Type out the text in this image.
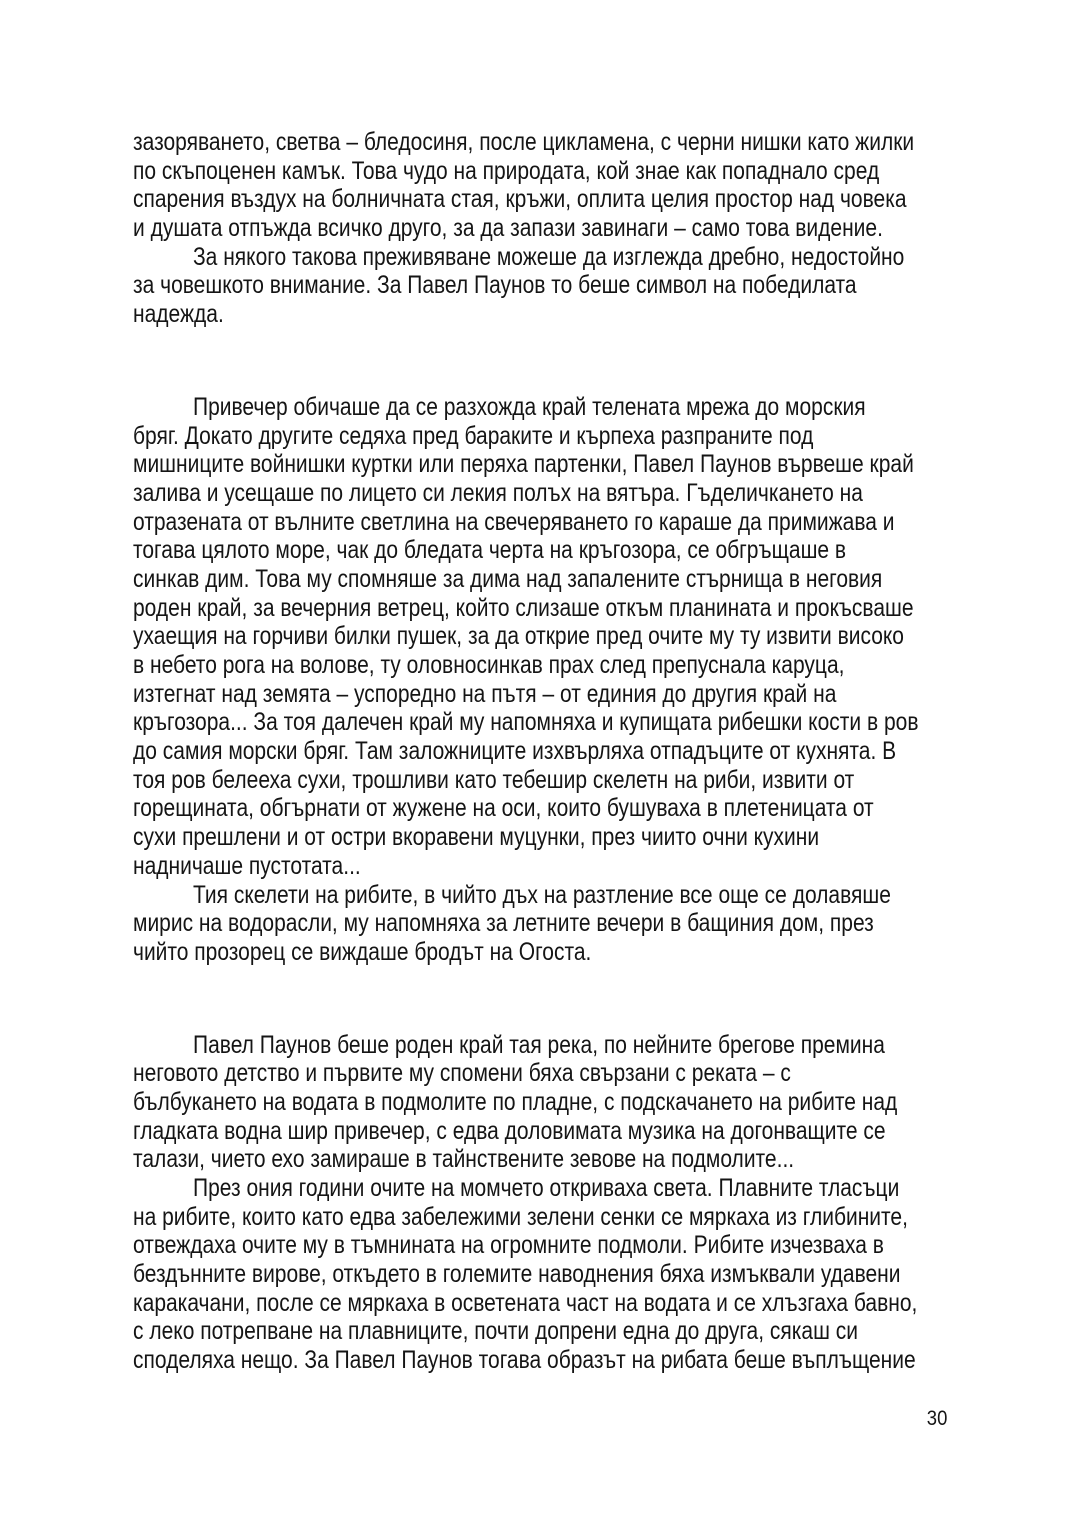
зазоряването, светва – бледосиня, после цикламена, с черни нишки като жилки
по скъпоценен камък. Това чудо на природата, кой знае как попаднало сред
спарения въздух на болничната стая, кръжи, оплита целия простор над човека
и душата отпъжда всичко друго, за да запази завинаги – само това видение.
За някого такова преживяване можеше да изглежда дребно, недостойно
за човешкото внимание. За Павел Паунов то беше символ на победилата
надежда.
Привечер обичаше да се разхожда край телената мрежа до морския
бряг. Докато другите седяха пред бараките и кърпеха разпраните под
мишниците войнишки куртки или перяха партенки, Павел Паунов вървеше край
залива и усещаше по лицето си лекия полъх на вятъра. Гъделичкането на
отразената от вълните светлина на свечеряването го караше да примижава и
тогава цялото море, чак до бледата черта на кръгозора, се обгръщаше в
синкав дим. Това му спомняше за дима над запалените стърнища в неговия
роден край, за вечерния ветрец, който слизаше откъм планината и прокъсваше
ухаещия на горчиви билки пушек, за да открие пред очите му ту извити високо
в небето рога на волове, ту оловносинкав прах след препуснала каруца,
изтегнат над земята – успоредно на пътя – от единия до другия край на
кръгозора... За тоя далечен край му напомняха и купищата рибешки кости в ров
до самия морски бряг. Там заложниците изхвърляха отпадъците от кухнята. В
тоя ров белееха сухи, трошливи като тебешир скелетн на риби, извити от
горещината, обгърнати от жужене на оси, които бушуваха в плетеницата от
сухи прешлени и от остри вкоравени муцунки, през чиито очни кухини
надничаше пустотата...
Тия скелети на рибите, в чийто дъх на разтление все още се долавяше
мирис на водорасли, му напомняха за летните вечери в бащиния дом, през
чийто прозорец се виждаше бродът на Огоста.
Павел Паунов беше роден край тая река, по нейните брегове премина
неговото детство и първите му спомени бяха свързани с реката – с
бълбукането на водата в подмолите по пладне, с подскачането на рибите над
гладката водна шир привечер, с едва доловимата музика на догонващите се
талази, чието ехо замираше в тайнствените зевове на подмолите...
През ония години очите на момчето откриваха света. Плавните тласъци
на рибите, които като едва забележими зелени сенки се мяркаха из глибините,
отвеждаха очите му в тъмнината на огромните подмоли. Рибите изчезваха в
бездънните вирове, откъдето в големите наводнения бяха измъквали удавени
каракачани, после се мяркаха в осветената част на водата и се хлъзгаха бавно,
с леко потрепване на плавниците, почти допрени една до друга, сякаш си
споделяха нещо. За Павел Паунов тогава образът на рибата беше въплъщение
30
